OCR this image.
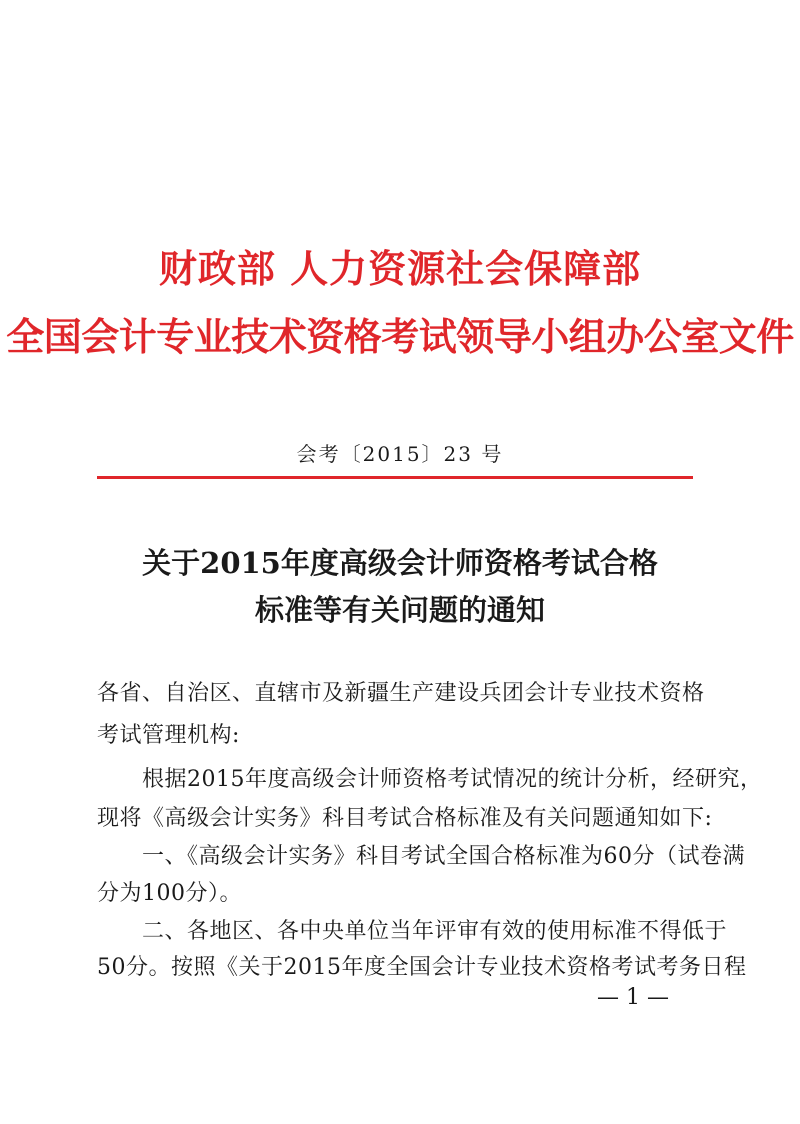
财政部 人力资源社会保障部
全国会计专业技术资格考试领导小组办公室文件
会考〔2015〕23 号
关于2015年度高级会计师资格考试合格
标准等有关问题的通知
各省、自治区、直辖市及新疆生产建设兵团会计专业技术资格
考试管理机构:
　　根据2015年度高级会计师资格考试情况的统计分析，经研究，
现将《高级会计实务》科目考试合格标准及有关问题通知如下:
　　一、《高级会计实务》科目考试全国合格标准为60分（试卷满
分为100分）。
　　二、各地区、各中央单位当年评审有效的使用标准不得低于
50分。按照《关于2015年度全国会计专业技术资格考试考务日程
— 1 —
